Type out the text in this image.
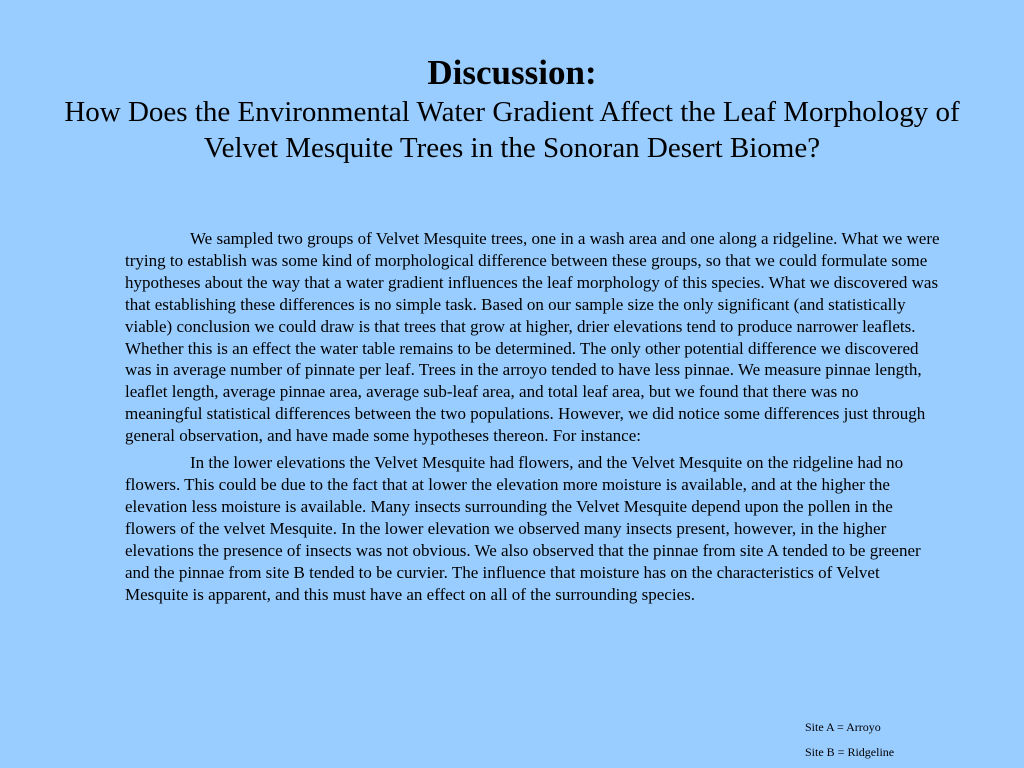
Discussion:
How Does the Environmental Water Gradient Affect the Leaf Morphology of Velvet Mesquite Trees in the Sonoran Desert Biome?

We sampled two groups of Velvet Mesquite trees, one in a wash area and one along a ridgeline. What we were trying to establish was some kind of morphological difference between these groups, so that we could formulate some hypotheses about the way that a water gradient influences the leaf morphology of this species. What we discovered was that establishing these differences is no simple task. Based on our sample size the only significant (and statistically viable) conclusion we could draw is that trees that grow at higher, drier elevations tend to produce narrower leaflets. Whether this is an effect the water table remains to be determined. The only other potential difference we discovered was in average number of pinnate per leaf. Trees in the arroyo tended to have less pinnae. We measure pinnae length, leaflet length, average pinnae area, average sub-leaf area, and total leaf area, but we found that there was no meaningful statistical differences between the two populations. However, we did notice some differences just through general observation, and have made some hypotheses thereon. For instance:

In the lower elevations the Velvet Mesquite had flowers, and the Velvet Mesquite on the ridgeline had no flowers. This could be due to the fact that at lower the elevation more moisture is available, and at the higher the elevation less moisture is available. Many insects surrounding the Velvet Mesquite depend upon the pollen in the flowers of the velvet Mesquite. In the lower elevation we observed many insects present, however, in the higher elevations the presence of insects was not obvious. We also observed that the pinnae from site A tended to be greener and the pinnae from site B tended to be curvier. The influence that moisture has on the characteristics of Velvet Mesquite is apparent, and this must have an effect on all of the surrounding species.

Site A = Arroyo
Site B = Ridgeline
